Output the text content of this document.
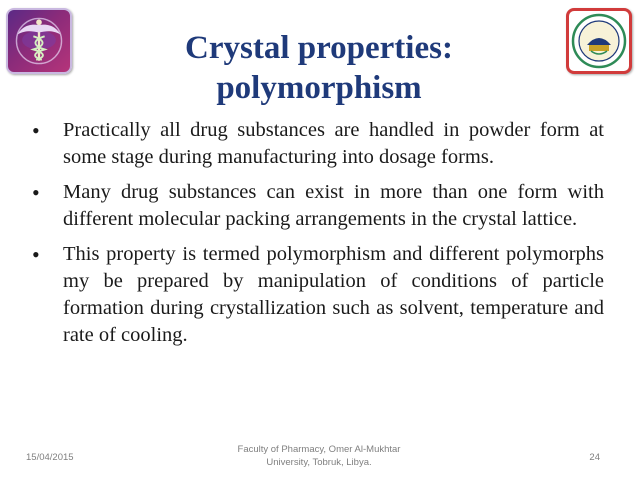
Crystal properties:
polymorphism
• Practically all drug substances are handled in powder form at some stage during manufacturing into dosage forms.
• Many drug substances can exist in more than one form with different molecular packing arrangements in the crystal lattice.
• This property is termed polymorphism and different polymorphs my be prepared by manipulation of conditions of particle formation during crystallization such as solvent, temperature and rate of cooling.
15/04/2015
Faculty of Pharmacy, Omer Al-Mukhtar
University, Tobruk, Libya.	24
